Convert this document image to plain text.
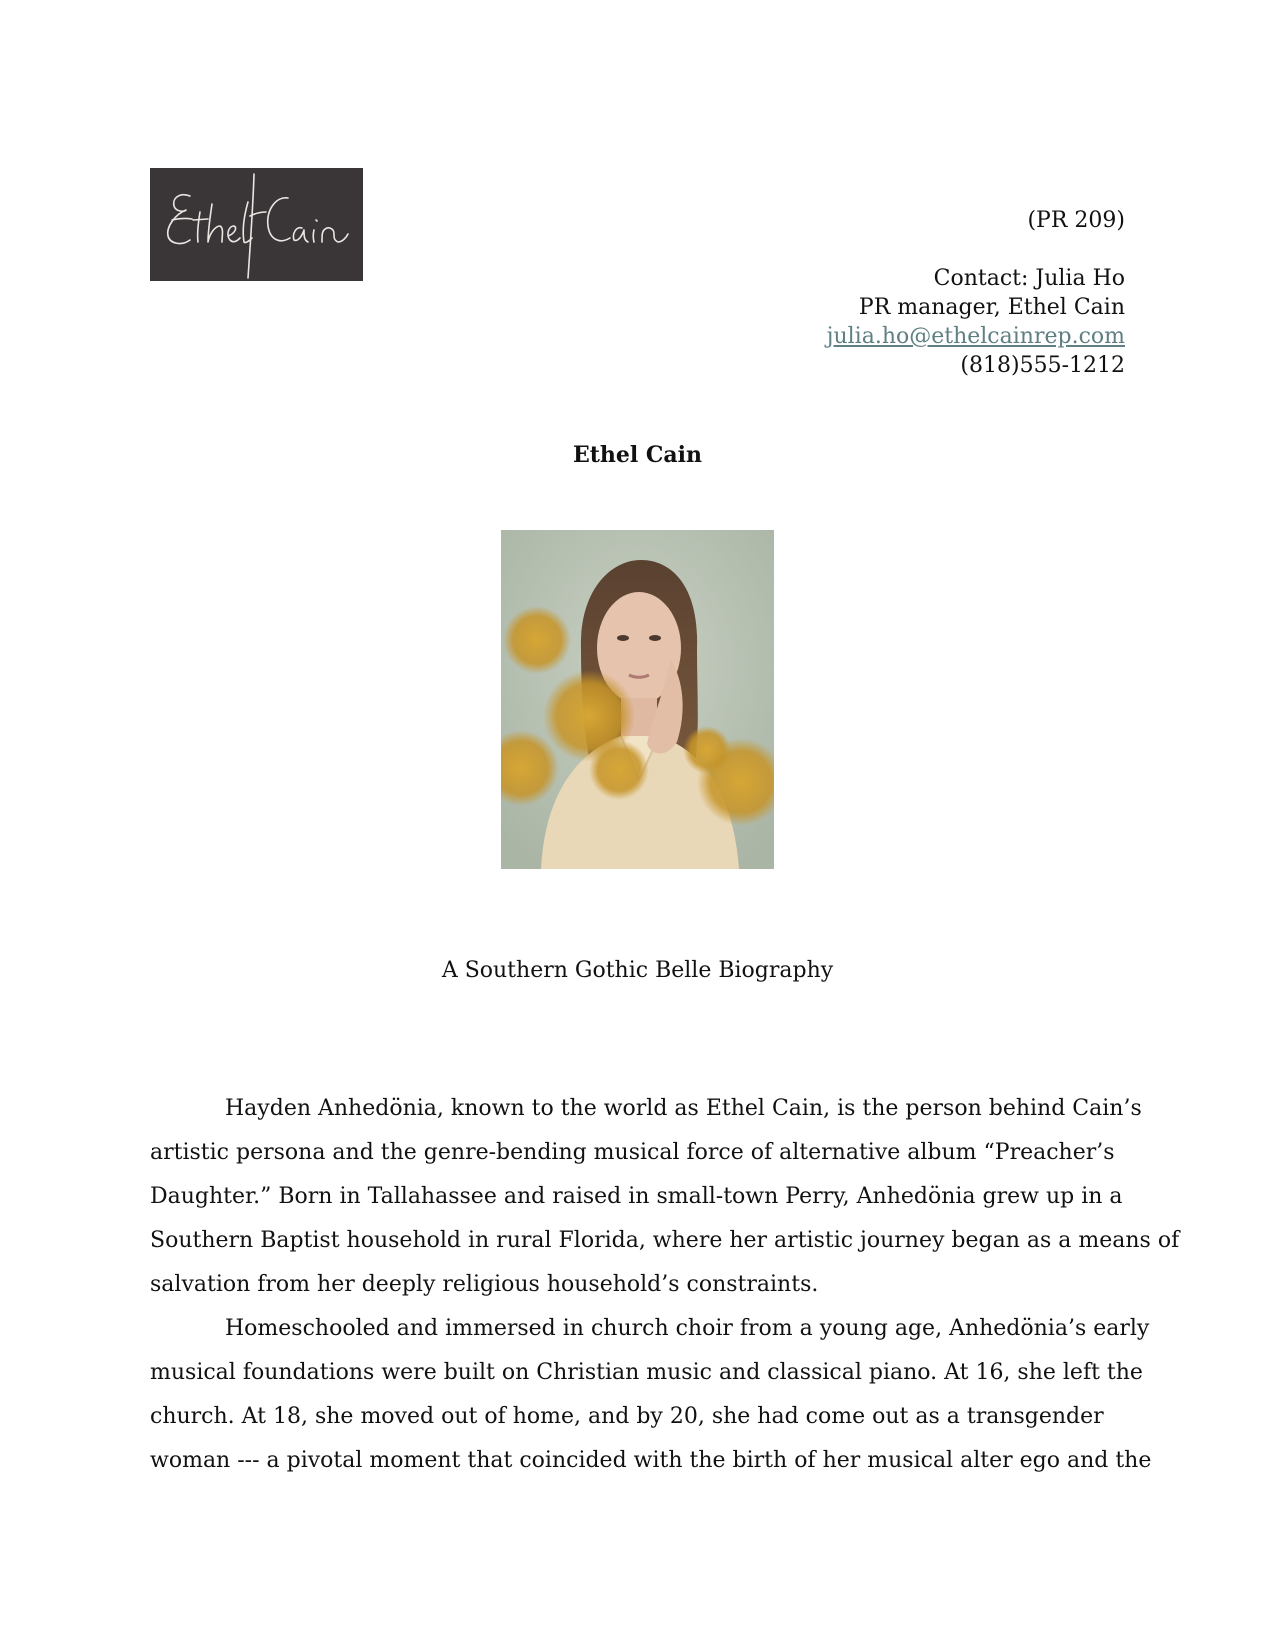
(PR 209)
Contact: Julia Ho
PR manager, Ethel Cain
julia.ho@ethelcainrep.com
(818)555-1212
Ethel Cain
A Southern Gothic Belle Biography
Hayden Anhedönia, known to the world as Ethel Cain, is the person behind Cain’s
artistic persona and the genre-bending musical force of alternative album “Preacher’s
Daughter.” Born in Tallahassee and raised in small-town Perry, Anhedönia grew up in a
Southern Baptist household in rural Florida, where her artistic journey began as a means of
salvation from her deeply religious household’s constraints.
Homeschooled and immersed in church choir from a young age, Anhedönia’s early
musical foundations were built on Christian music and classical piano. At 16, she left the
church. At 18, she moved out of home, and by 20, she had come out as a transgender
woman --- a pivotal moment that coincided with the birth of her musical alter ego and the
